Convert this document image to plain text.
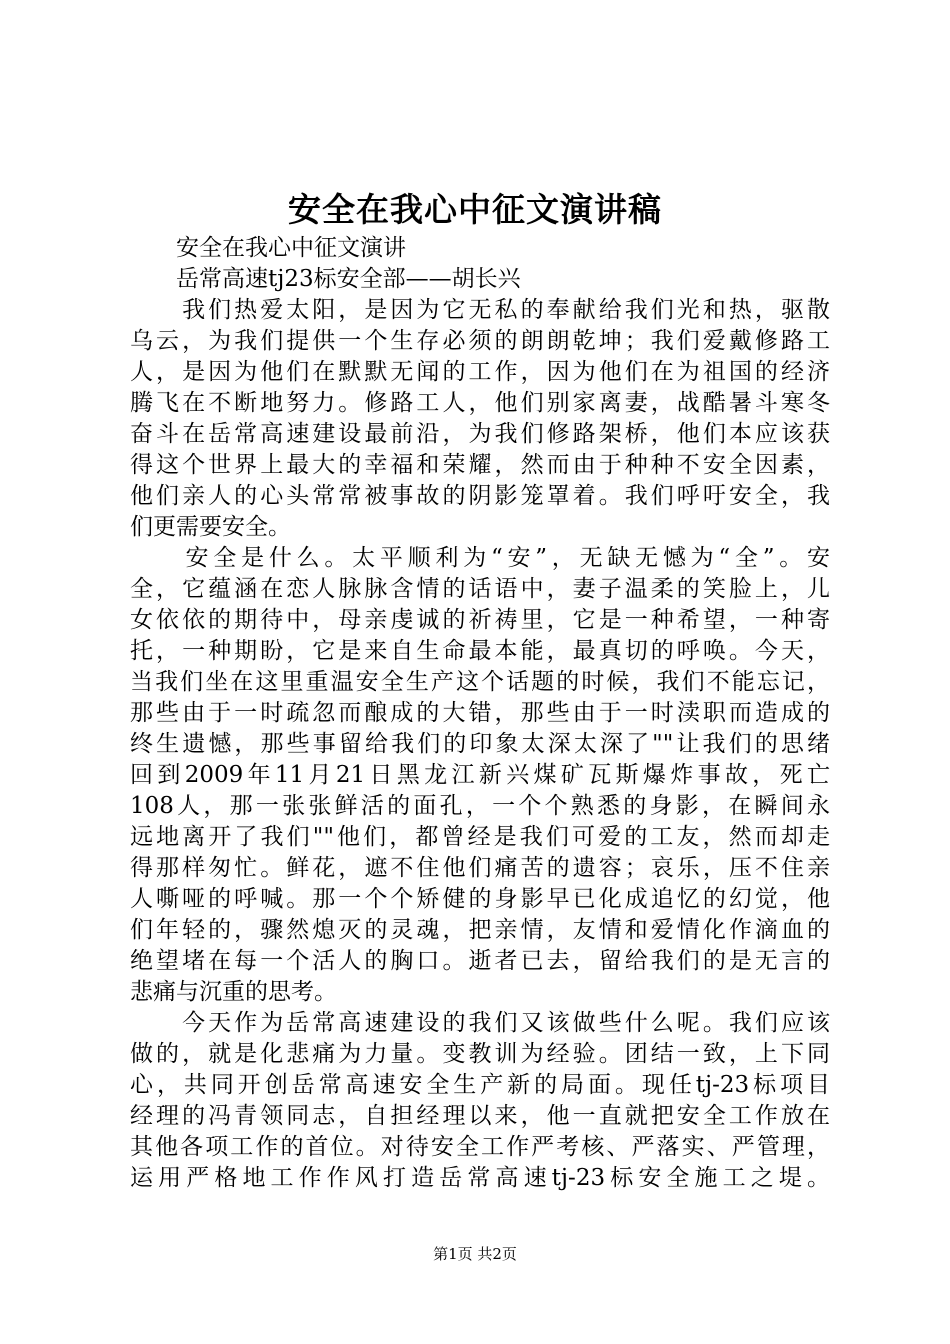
安全在我心中征文演讲稿
　　安全在我心中征文演讲
　　岳常高速tj23标安全部——胡长兴
　　我们热爱太阳，是因为它无私的奉献给我们光和热，驱散
乌云，为我们提供一个生存必须的朗朗乾坤；我们爱戴修路工
人，是因为他们在默默无闻的工作，因为他们在为祖国的经济
腾飞在不断地努力。修路工人，他们别家离妻，战酷暑斗寒冬
奋斗在岳常高速建设最前沿，为我们修路架桥，他们本应该获
得这个世界上最大的幸福和荣耀，然而由于种种不安全因素，
他们亲人的心头常常被事故的阴影笼罩着。我们呼吁安全，我
们更需要安全。
　　安全是什么。太平顺利为“安”，无缺无憾为“全”。安
全，它蕴涵在恋人脉脉含情的话语中，妻子温柔的笑脸上，儿
女依依的期待中，母亲虔诚的祈祷里，它是一种希望，一种寄
托，一种期盼，它是来自生命最本能，最真切的呼唤。今天，
当我们坐在这里重温安全生产这个话题的时候，我们不能忘记，
那些由于一时疏忽而酿成的大错，那些由于一时渎职而造成的
终生遗憾，那些事留给我们的印象太深太深了""让我们的思绪
回到2009年11月21日黑龙江新兴煤矿瓦斯爆炸事故，死亡
108人，那一张张鲜活的面孔，一个个熟悉的身影，在瞬间永
远地离开了我们""他们，都曾经是我们可爱的工友，然而却走
得那样匆忙。鲜花，遮不住他们痛苦的遗容；哀乐，压不住亲
人嘶哑的呼喊。那一个个矫健的身影早已化成追忆的幻觉，他
们年轻的，骤然熄灭的灵魂，把亲情，友情和爱情化作滴血的
绝望堵在每一个活人的胸口。逝者已去，留给我们的是无言的
悲痛与沉重的思考。
　　今天作为岳常高速建设的我们又该做些什么呢。我们应该
做的，就是化悲痛为力量。变教训为经验。团结一致，上下同
心，共同开创岳常高速安全生产新的局面。现任tj-23标项目
经理的冯青领同志，自担经理以来，他一直就把安全工作放在
其他各项工作的首位。对待安全工作严考核、严落实、严管理，
运用严格地工作作风打造岳常高速tj-23标安全施工之堤。
第1页 共2页
